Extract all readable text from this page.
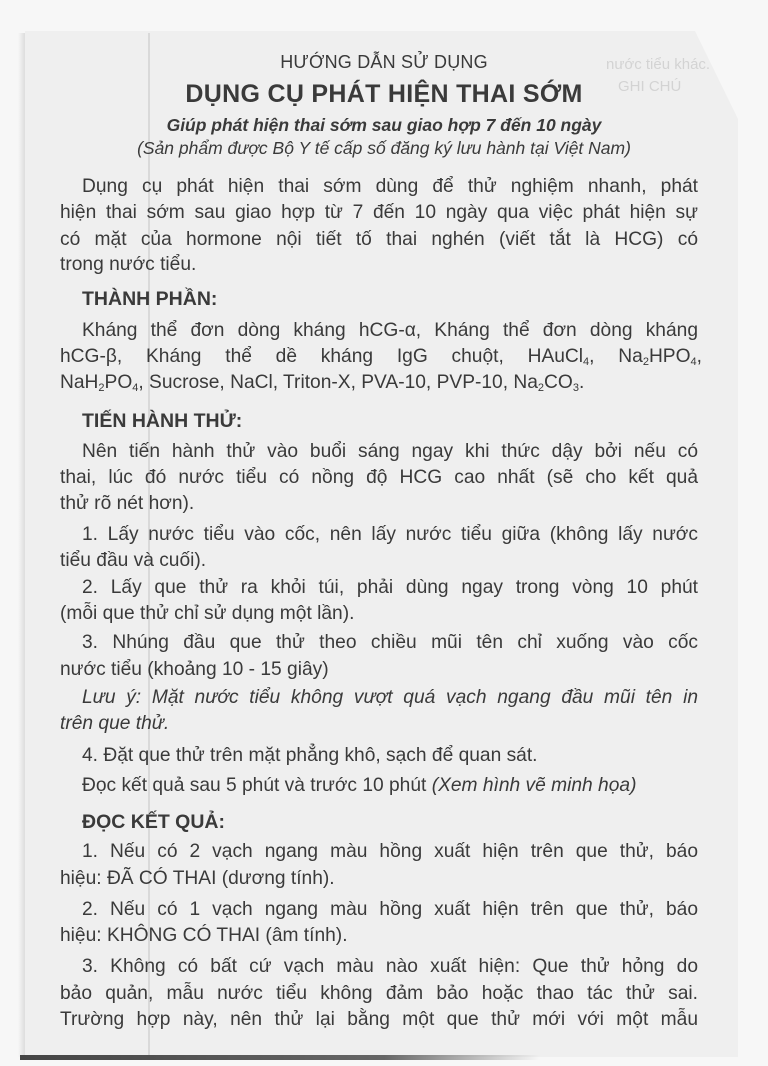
nước tiểu khác.
GHI CHÚ
HƯỚNG DẪN SỬ DỤNG
DỤNG CỤ PHÁT HIỆN THAI SỚM
Giúp phát hiện thai sớm sau giao hợp 7 đến 10 ngày
(Sản phẩm được Bộ Y tế cấp số đăng ký lưu hành tại Việt Nam)
Dụng cụ phát hiện thai sớm dùng để thử nghiệm nhanh, phát
hiện thai sớm sau giao hợp từ 7 đến 10 ngày qua việc phát hiện sự
có mặt của hormone nội tiết tố thai nghén (viết tắt là HCG) có
trong nước tiểu.
THÀNH PHẦN:
Kháng thể đơn dòng kháng hCG-α, Kháng thể đơn dòng kháng
hCG-β, Kháng thể dề kháng IgG chuột, HAuCl$_4$, $Na_2HPO_4$,
$NaH_2PO_4$, Sucrose, NaCl, Triton-X, PVA-10, PVP-10, $Na_2CO_3$.
TIẾN HÀNH THỬ:
Nên tiến hành thử vào buổi sáng ngay khi thức dậy bởi nếu có
thai, lúc đó nước tiểu có nồng độ HCG cao nhất (sẽ cho kết quả
thử rõ nét hơn).
1. Lấy nước tiểu vào cốc, nên lấy nước tiểu giữa (không lấy nước
tiểu đầu và cuối).
2. Lấy que thử ra khỏi túi, phải dùng ngay trong vòng 10 phút
(mỗi que thử chỉ sử dụng một lần).
3. Nhúng đầu que thử theo chiều mũi tên chỉ xuống vào cốc
nước tiểu (khoảng 10 - 15 giây)
Lưu ý: Mặt nước tiểu không vượt quá vạch ngang đầu mũi tên in
trên que thử.
4. Đặt que thử trên mặt phẳng khô, sạch để quan sát.
Đọc kết quả sau 5 phút và trước 10 phút (Xem hình vẽ minh họa)
ĐỌC KẾT QUẢ:
1. Nếu có 2 vạch ngang màu hồng xuất hiện trên que thử, báo
hiệu: ĐÃ CÓ THAI (dương tính).
2. Nếu có 1 vạch ngang màu hồng xuất hiện trên que thử, báo
hiệu: KHÔNG CÓ THAI (âm tính).
3. Không có bất cứ vạch màu nào xuất hiện: Que thử hỏng do
bảo quản, mẫu nước tiểu không đảm bảo hoặc thao tác thử sai.
Trường hợp này, nên thử lại bằng một que thử mới với một mẫu
